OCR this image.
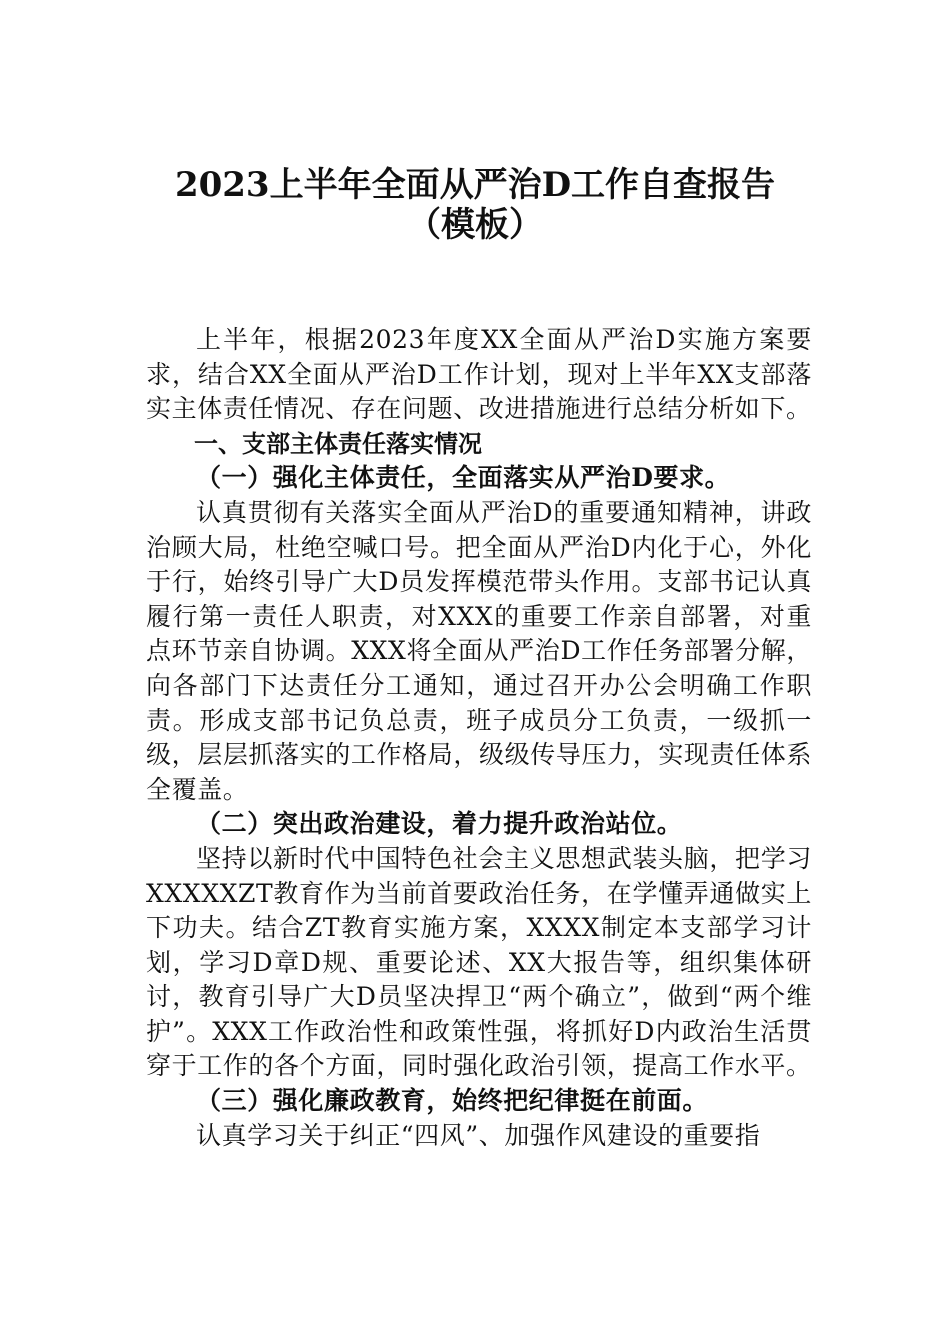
2023上半年全面从严治D工作自查报告
（模板）

上半年，根据2023年度XX全面从严治D实施方案要求，结合XX全面从严治D工作计划，现对上半年XX支部落实主体责任情况、存在问题、改进措施进行总结分析如下。

一、支部主体责任落实情况

（一）强化主体责任，全面落实从严治D要求。

认真贯彻有关落实全面从严治D的重要通知精神，讲政治顾大局，杜绝空喊口号。把全面从严治D内化于心，外化于行，始终引导广大D员发挥模范带头作用。支部书记认真履行第一责任人职责，对XXX的重要工作亲自部署，对重点环节亲自协调。XXX将全面从严治D工作任务部署分解，向各部门下达责任分工通知，通过召开办公会明确工作职责。形成支部书记负总责，班子成员分工负责，一级抓一级，层层抓落实的工作格局，级级传导压力，实现责任体系全覆盖。

（二）突出政治建设，着力提升政治站位。

坚持以新时代中国特色社会主义思想武装头脑，把学习XXXXXZT教育作为当前首要政治任务，在学懂弄通做实上下功夫。结合ZT教育实施方案，XXXX制定本支部学习计划，学习D章D规、重要论述、XX大报告等，组织集体研讨，教育引导广大D员坚决捍卫“两个确立”，做到“两个维护”。XXX工作政治性和政策性强，将抓好D内政治生活贯穿于工作的各个方面，同时强化政治引领，提高工作水平。

（三）强化廉政教育，始终把纪律挺在前面。

认真学习关于纠正“四风”、加强作风建设的重要指
